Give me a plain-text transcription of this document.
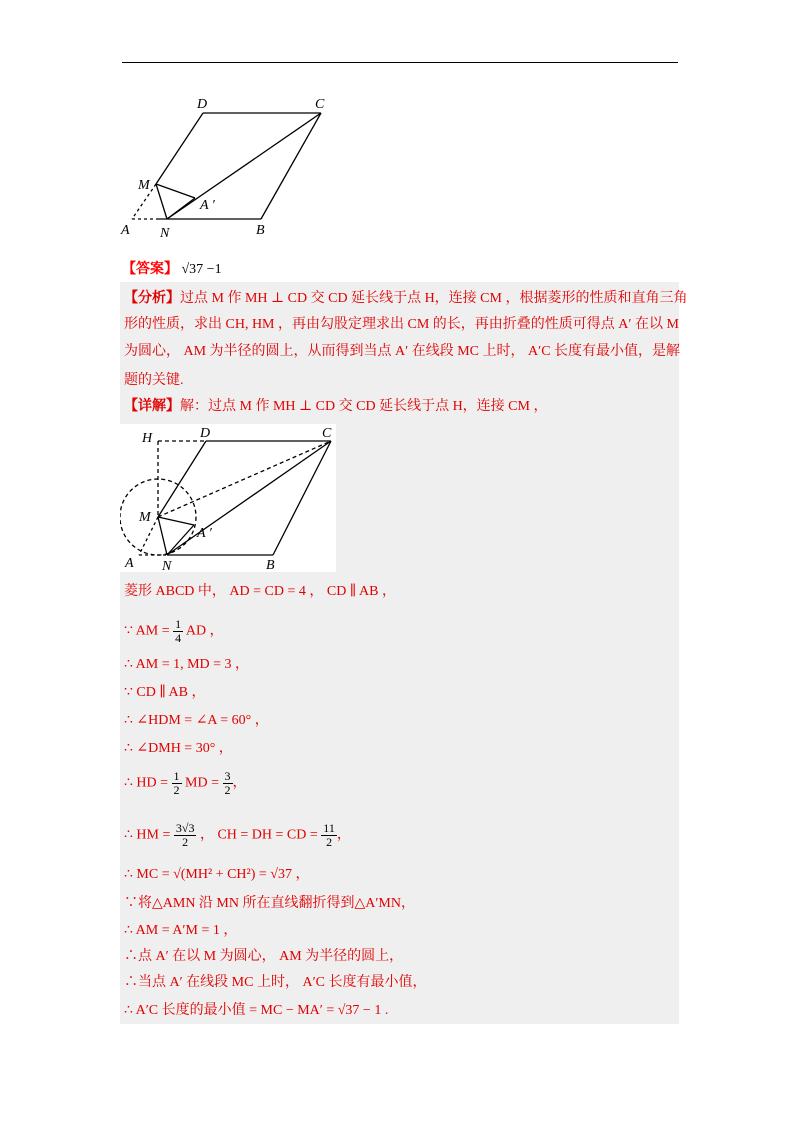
D	C
M
A ′
A N	B
【答案】 √37 −1
【分析】过点 M 作 MH ⊥ CD 交 CD 延长线于点 H，连接 CM ，根据菱形的性质和直角三角
形的性质，求出 CH, HM ，再由勾股定理求出 CM 的长，再由折叠的性质可得点 A′ 在以 M
为圆心， AM 为半径的圆上，从而得到当点 A′ 在线段 MC 上时， A′C 长度有最小值，是解
题的关键.
【详解】解：过点 M 作 MH ⊥ CD 交 CD 延长线于点 H，连接 CM ，
H	D	C
M
A ′
A N	B
菱形 ABCD 中， AD = CD = 4 ， CD ∥ AB ，
∵ AM = $\frac{1}{4}$ AD ，
∴ AM = 1, MD = 3 ，
∵ CD ∥ AB ，
∴ ∠HDM = ∠A = 60° ，
∴ ∠DMH = 30° ，
∴ HD = $\frac{1}{2}$ MD = $\frac{3}{2}$ ，
∴ HM = $\frac{3√3}{2}$ ， CH = DH = CD = $\frac{11}{2}$ ，
∴ MC = √(MH² + CH²) = √37 ，
∵将△AMN 沿 MN 所在直线翻折得到△A′MN，
∴ AM = A′M = 1 ，
∴点 A′ 在以 M 为圆心， AM 为半径的圆上，
∴当点 A′ 在线段 MC 上时， A′C 长度有最小值，
∴ A′C 长度的最小值 = MC − MA′ = √37 − 1 .
